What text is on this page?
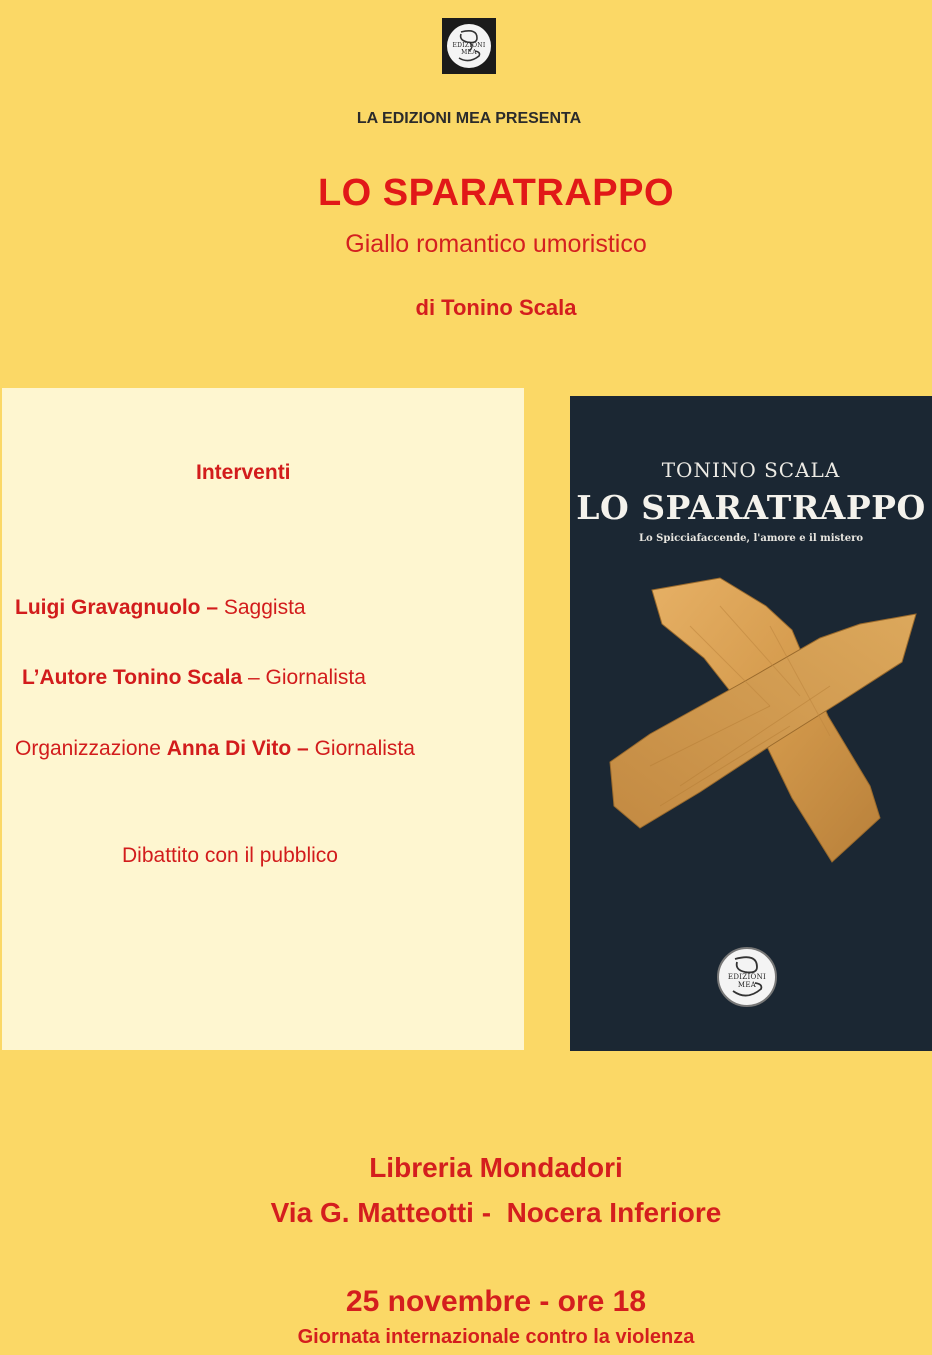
EDIZIONI MEA
LA EDIZIONI MEA PRESENTA
LO SPARATRAPPO
Giallo romantico umoristico
di Tonino Scala
Interventi
Luigi Gravagnuolo – Saggista
L’Autore Tonino Scala – Giornalista
Organizzazione Anna Di Vito – Giornalista
Dibattito con il pubblico
TONINO SCALA
LO SPARATRAPPO
Lo Spicciafaccende, l'amore e il mistero
EDIZIONI MEA
Libreria Mondadori
Via G. Matteotti -  Nocera Inferiore
25 novembre - ore 18
Giornata internazionale contro la violenza
